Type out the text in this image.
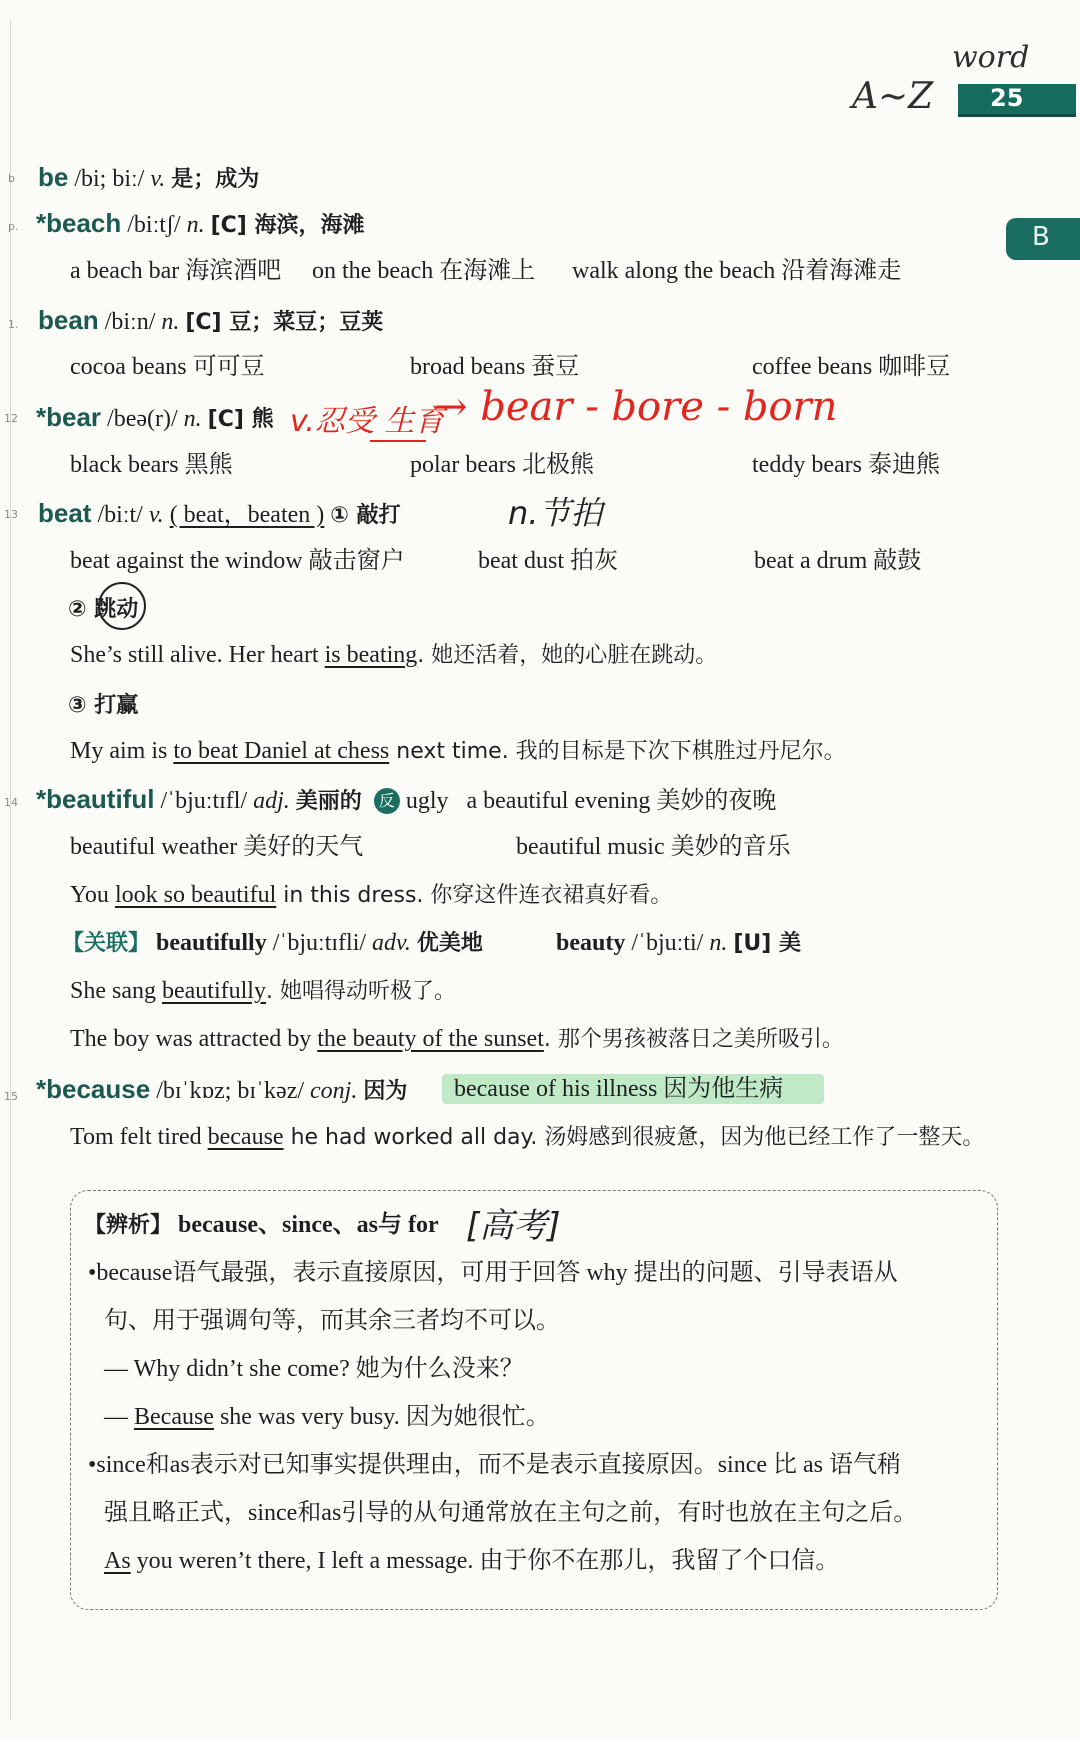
word
A~Z 25
B
b
p.
1.
12
13
14
15
be /bi; biː/ v. 是；成为
*beach /biːtʃ/ n. [C] 海滨，海滩
a beach bar 海滨酒吧 on the beach 在海滩上 walk along the beach 沿着海滩走
bean /biːn/ n. [C] 豆；菜豆；豆荚
cocoa beans 可可豆	broad beans 蚕豆	coffee beans 咖啡豆
*bear /beə(r)/ n. [C] 熊 v.忍受 生育
→ bear - bore - born
black bears 黑熊	polar bears 北极熊	teddy bears 泰迪熊
beat /biːt/ v. ( beat，beaten ) ① 敲打	n.节拍
beat against the window 敲击窗户	beat dust 拍灰	beat a drum 敲鼓
② 跳动
She’s still alive. Her heart is beating. 她还活着，她的心脏在跳动。
③ 打赢
My aim is to beat Daniel at chess next time. 我的目标是下次下棋胜过丹尼尔。
*beautiful /ˈbjuːtɪfl/ adj. 美丽的 反 ugly a beautiful evening 美妙的夜晚
beautiful weather 美好的天气	beautiful music 美妙的音乐
You look so beautiful in this dress. 你穿这件连衣裙真好看。
【关联】 beautifully /ˈbjuːtɪfli/ adv. 优美地	beauty /ˈbjuːti/ n. [U] 美
She sang beautifully. 她唱得动听极了。
The boy was attracted by the beauty of the sunset. 那个男孩被落日之美所吸引。
*because /bɪˈkɒz; bɪˈkəz/ conj. 因为 because of his illness 因为他生病
Tom felt tired because he had worked all day. 汤姆感到很疲惫，因为他已经工作了一整天。
【辨析】 because、since、as与 for [高考]
•because语气最强，表示直接原因，可用于回答 why 提出的问题、引导表语从
句、用于强调句等，而其余三者均不可以。
— Why didn’t she come? 她为什么没来？
— Because she was very busy. 因为她很忙。
•since和as表示对已知事实提供理由，而不是表示直接原因。since 比 as 语气稍
强且略正式，since和as引导的从句通常放在主句之前，有时也放在主句之后。
As you weren’t there, I left a message. 由于你不在那儿，我留了个口信。
